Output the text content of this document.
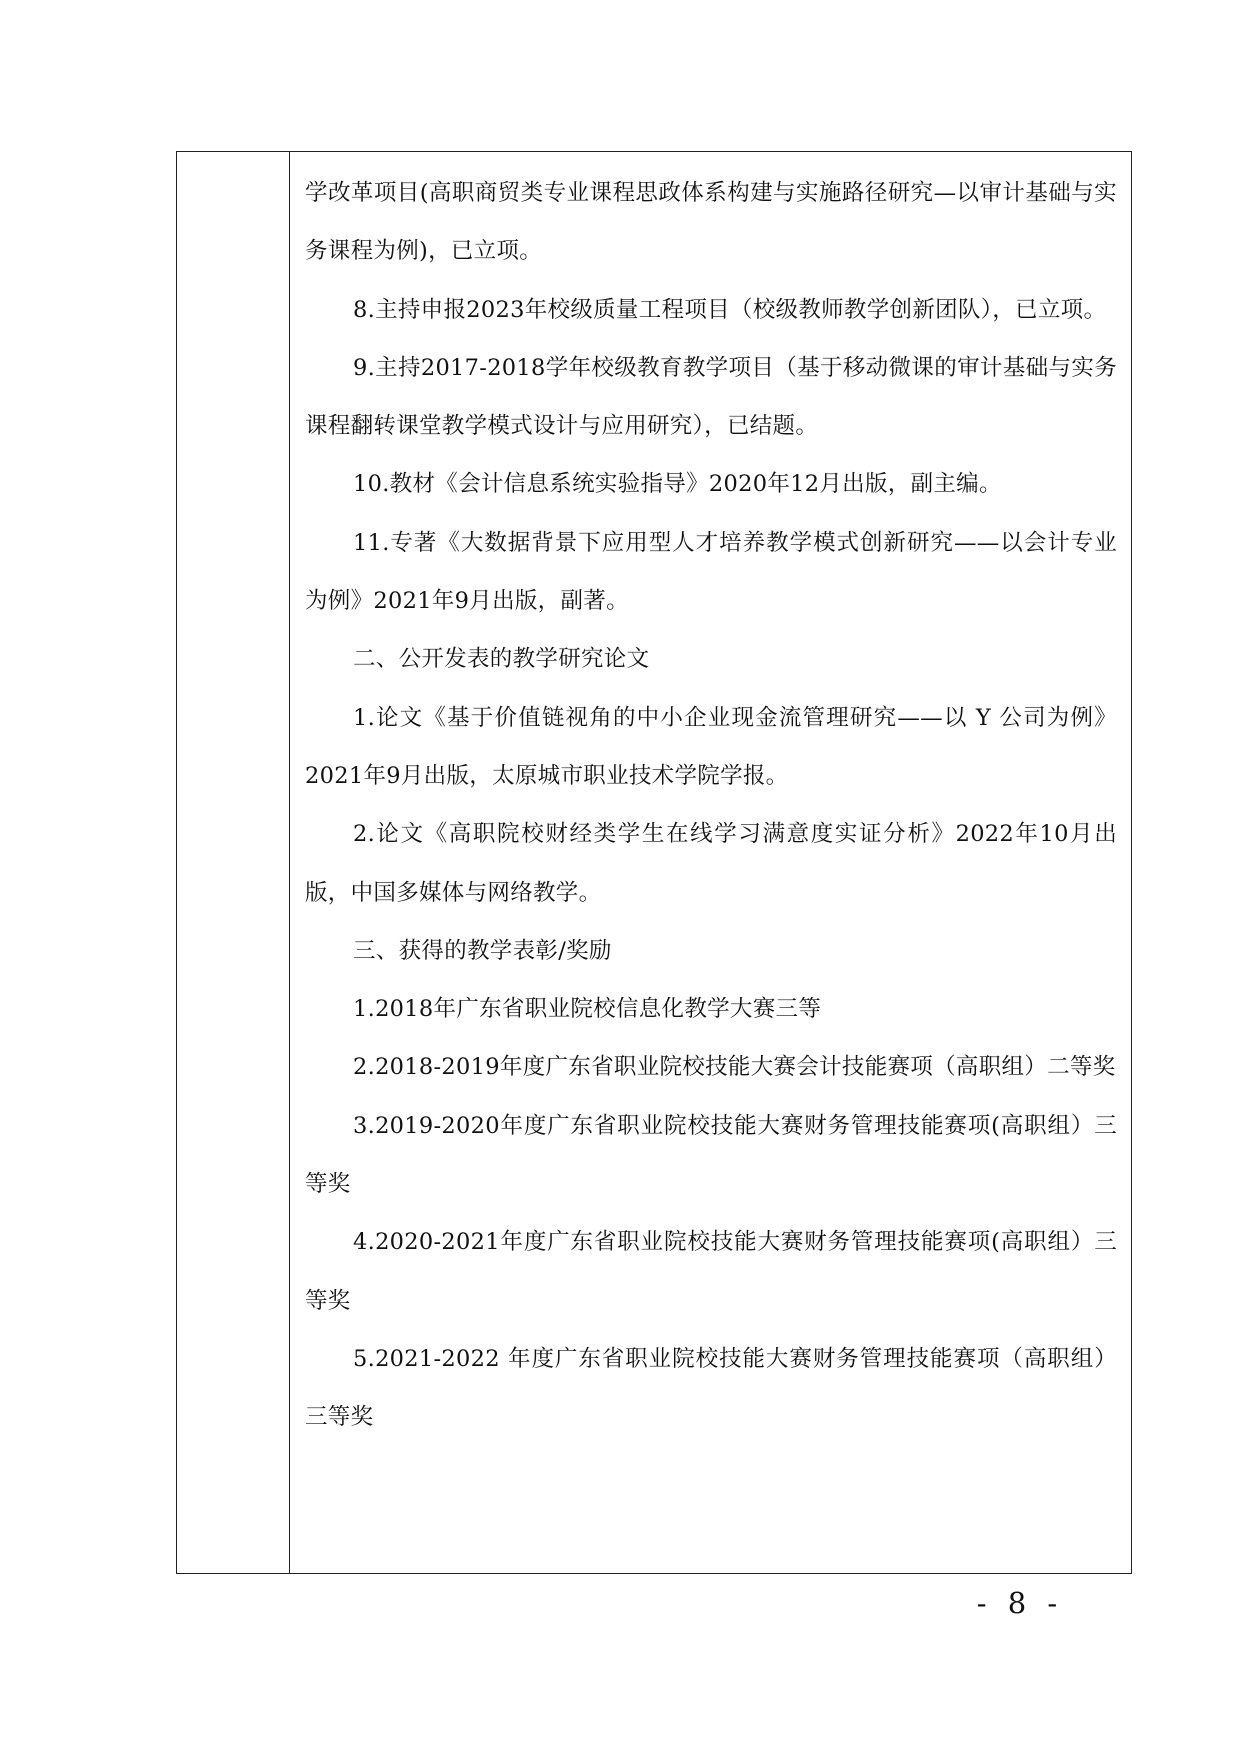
学改革项目(高职商贸类专业课程思政体系构建与实施路径研究—以审计基础与实务课程为例)，已立项。

8.主持申报2023年校级质量工程项目（校级教师教学创新团队），已立项。

9.主持2017-2018学年校级教育教学项目（基于移动微课的审计基础与实务课程翻转课堂教学模式设计与应用研究），已结题。

10.教材《会计信息系统实验指导》2020年12月出版，副主编。

11.专著《大数据背景下应用型人才培养教学模式创新研究——以会计专业为例》2021年9月出版，副著。

二、公开发表的教学研究论文

1.论文《基于价值链视角的中小企业现金流管理研究——以 Y 公司为例》2021年9月出版，太原城市职业技术学院学报。

2.论文《高职院校财经类学生在线学习满意度实证分析》2022年10月出版，中国多媒体与网络教学。

三、获得的教学表彰/奖励

1.2018年广东省职业院校信息化教学大赛三等

2.2018-2019年度广东省职业院校技能大赛会计技能赛项（高职组）二等奖

3.2019-2020年度广东省职业院校技能大赛财务管理技能赛项(高职组）三等奖

4.2020-2021年度广东省职业院校技能大赛财务管理技能赛项(高职组）三等奖

5.2021-2022 年度广东省职业院校技能大赛财务管理技能赛项（高职组）三等奖

- 8 -
